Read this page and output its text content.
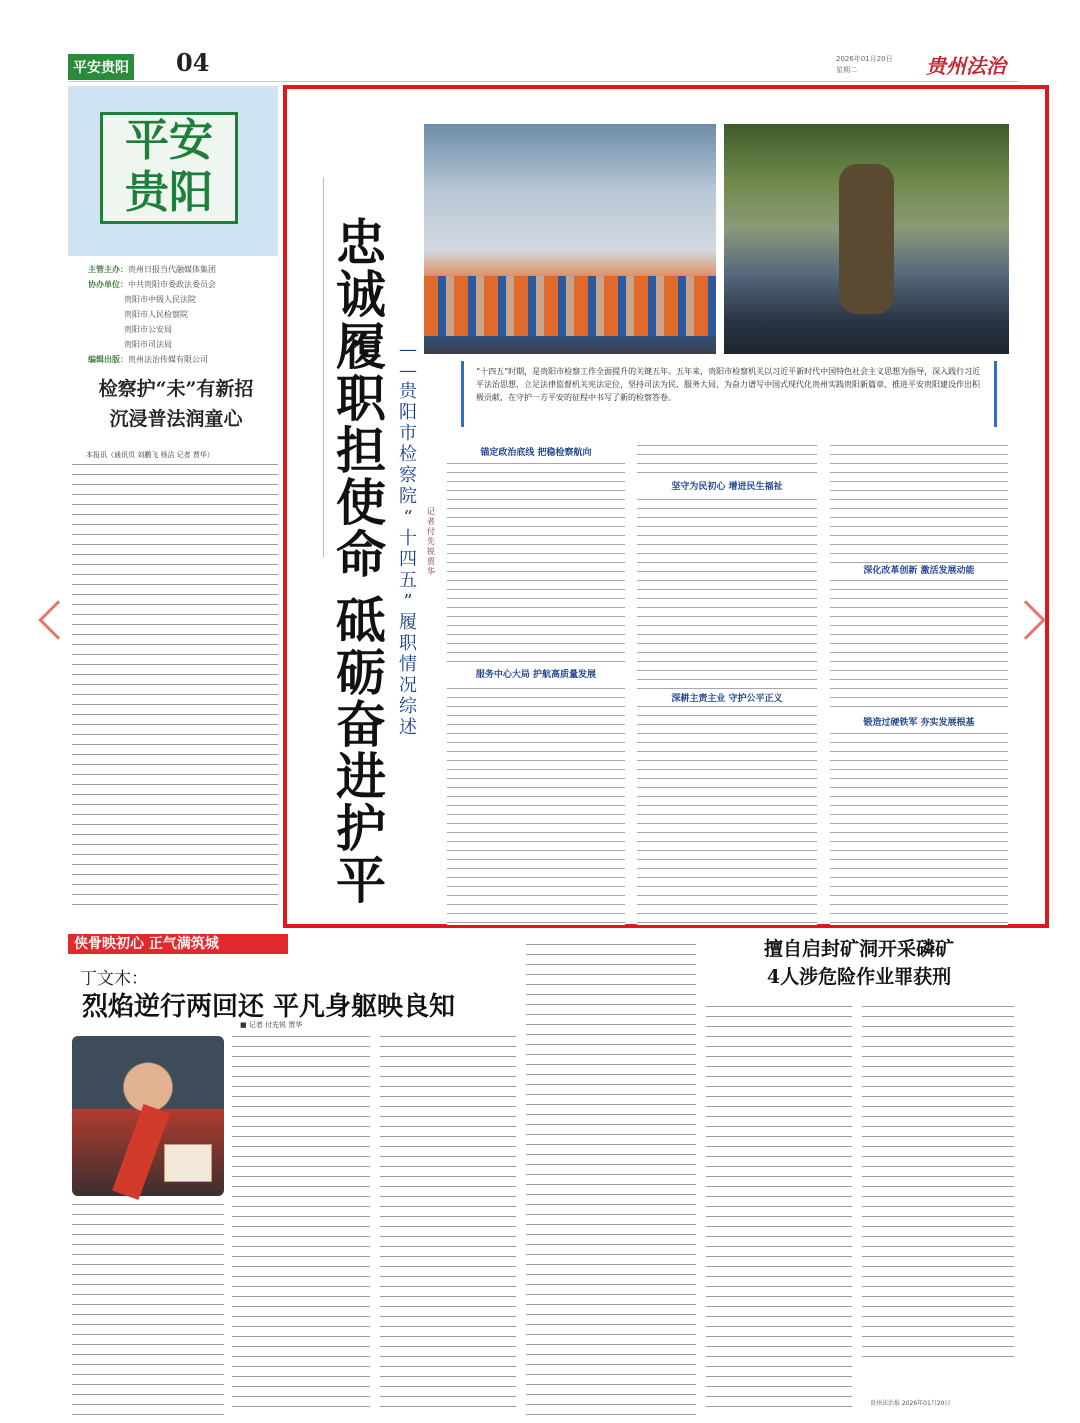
平安贵阳 04	2026年01月20日
星期二	贵州法治
平安
贵阳
主管主办：贵州日报当代融媒体集团
协办单位：中共贵阳市委政法委员会
贵阳市中级人民法院
贵阳市人民检察院
贵阳市公安局
贵阳市司法局
编辑出版：贵州法治传媒有限公司
检察护“未”有新招
沉浸普法润童心
本报讯（通讯员 刘鹏飞 杨洁 记者 贾华）
忠
诚
履
职
担
使
命
砥
砺
奋
进
护
平
—
—
贵
阳
市
检
察
院
“
十
四
五
”
履
职
情
况
综
述
记
者
付
先
锐
贾
华
“十四五”时期，是贵阳市检察工作全面提升的关键五年。五年来，贵阳市检察机关以习近平新时代中国特色社会主义思想为指导，深入践行习近平法治思想，立足法律监督机关宪法定位，坚持司法为民、服务大局，为奋力谱写中国式现代化贵州实践贵阳新篇章、推进平安贵阳建设作出积极贡献，在守护一方平安的征程中书写了新的检察答卷。
锚定政治底线 把稳检察航向
服务中心大局 护航高质量发展
坚守为民初心 增进民生福祉
深耕主责主业 守护公平正义
深化改革创新 激活发展动能
锻造过硬铁军 夯实发展根基
侠骨映初心 正气满筑城
丁文木：
烈焰逆行两回还 平凡身躯映良知
■ 记者 付先锐 贾华
擅自启封矿洞开采磷矿
4人涉危险作业罪获刑
贵州法治报 2026年01月20日
